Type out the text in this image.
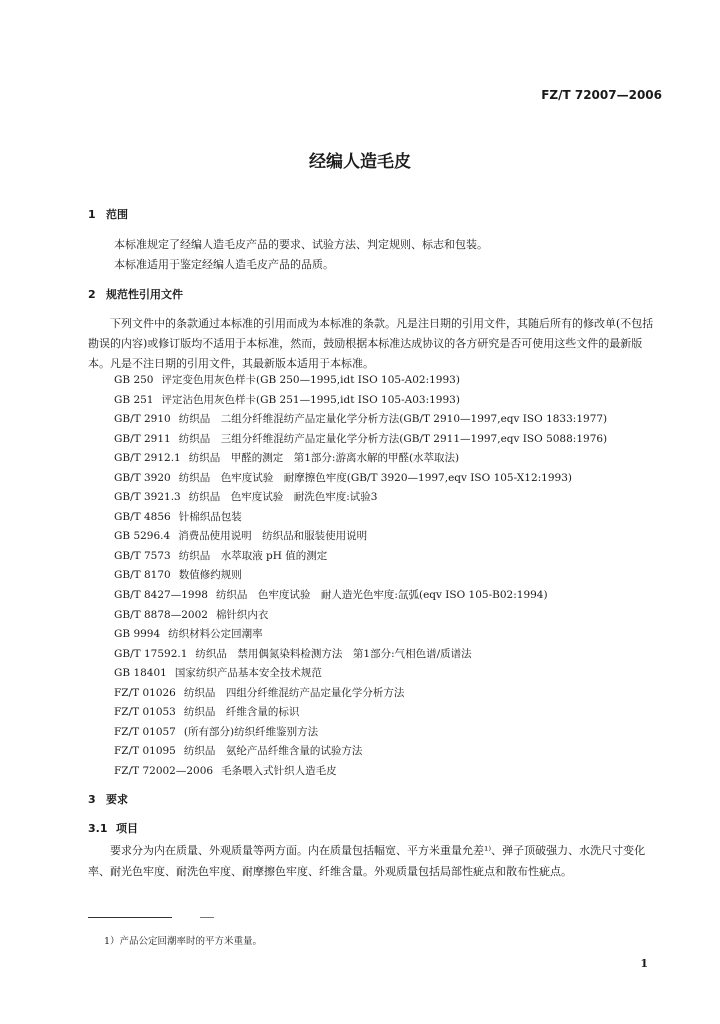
FZ/T 72007—2006
经编人造毛皮
1 范围
本标准规定了经编人造毛皮产品的要求、试验方法、判定规则、标志和包装。
本标准适用于鉴定经编人造毛皮产品的品质。
2 规范性引用文件
下列文件中的条款通过本标准的引用而成为本标准的条款。凡是注日期的引用文件，其随后所有的修改单(不包括勘误的内容)或修订版均不适用于本标准，然而，鼓励根据本标准达成协议的各方研究是否可使用这些文件的最新版本。凡是不注日期的引用文件，其最新版本适用于本标准。
GB 250 评定变色用灰色样卡(GB 250—1995,idt ISO 105-A02:1993)
GB 251 评定沾色用灰色样卡(GB 251—1995,idt ISO 105-A03:1993)
GB/T 2910 纺织品　二组分纤维混纺产品定量化学分析方法(GB/T 2910—1997,eqv ISO 1833:1977)
GB/T 2911 纺织品　三组分纤维混纺产品定量化学分析方法(GB/T 2911—1997,eqv ISO 5088:1976)
GB/T 2912.1 纺织品　甲醛的测定　第1部分:游离水解的甲醛(水萃取法)
GB/T 3920 纺织品　色牢度试验　耐摩擦色牢度(GB/T 3920—1997,eqv ISO 105-X12:1993)
GB/T 3921.3 纺织品　色牢度试验　耐洗色牢度:试验3
GB/T 4856 针棉织品包装
GB 5296.4 消费品使用说明　纺织品和服装使用说明
GB/T 7573 纺织品　水萃取液 pH 值的测定
GB/T 8170 数值修约规则
GB/T 8427—1998 纺织品　色牢度试验　耐人造光色牢度:氙弧(eqv ISO 105-B02:1994)
GB/T 8878—2002 棉针织内衣
GB 9994 纺织材料公定回潮率
GB/T 17592.1 纺织品　禁用偶氮染料检测方法　第1部分:气相色谱/质谱法
GB 18401 国家纺织产品基本安全技术规范
FZ/T 01026 纺织品　四组分纤维混纺产品定量化学分析方法
FZ/T 01053 纺织品　纤维含量的标识
FZ/T 01057 (所有部分)纺织纤维鉴别方法
FZ/T 01095 纺织品　氨纶产品纤维含量的试验方法
FZ/T 72002—2006 毛条喂入式针织人造毛皮
3 要求
3.1 项目
要求分为内在质量、外观质量等两方面。内在质量包括幅宽、平方米重量允差¹⁾、弹子顶破强力、水洗尺寸变化率、耐光色牢度、耐洗色牢度、耐摩擦色牢度、纤维含量。外观质量包括局部性疵点和散布性疵点。
1）产品公定回潮率时的平方米重量。
1
